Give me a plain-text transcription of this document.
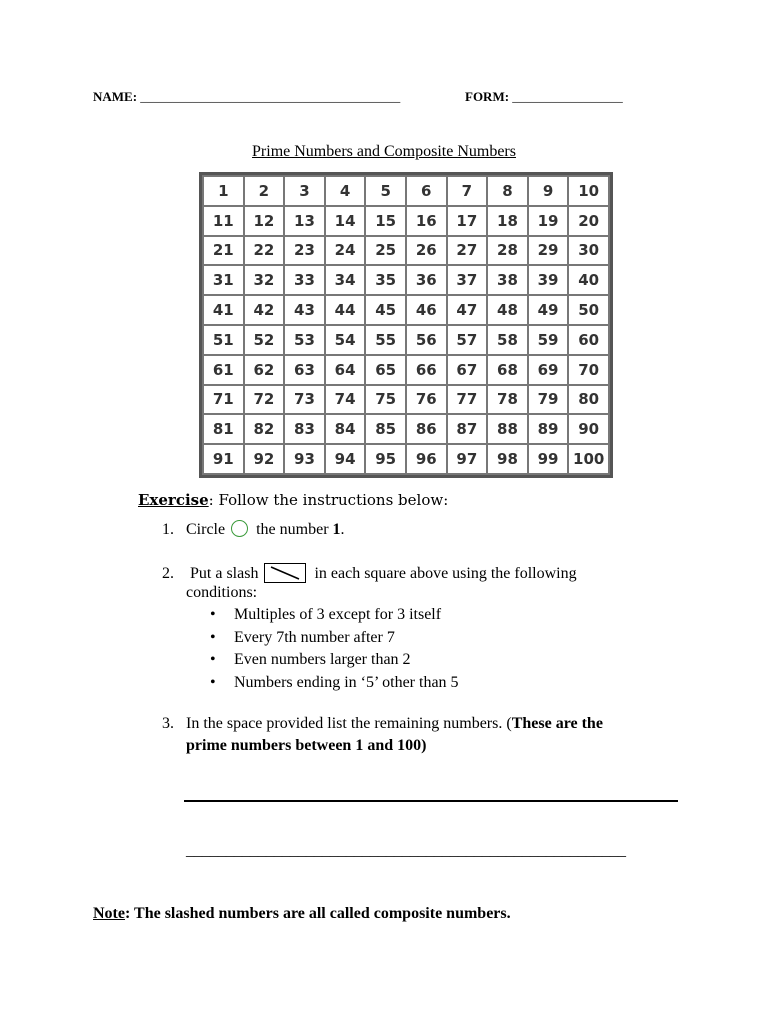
NAME: ________________________________________	FORM: _________________
Prime Numbers and Composite Numbers
1	2	3	4	5	6	7	8	9	10
11	12	13	14	15	16	17	18	19	20
21	22	23	24	25	26	27	28	29	30
31	32	33	34	35	36	37	38	39	40
41	42	43	44	45	46	47	48	49	50
51	52	53	54	55	56	57	58	59	60
61	62	63	64	65	66	67	68	69	70
71	72	73	74	75	76	77	78	79	80
81	82	83	84	85	86	87	88	89	90
91	92	93	94	95	96	97	98	99	100
Exercise: Follow the instructions below:
1. Circle the number 1.
2. Put a slash	in each square above using the following
conditions:
• Multiples of 3 except for 3 itself
• Every 7th number after 7
• Even numbers larger than 2
• Numbers ending in ‘5’ other than 5
3. In the space provided list the remaining numbers. (These are the
prime numbers between 1 and 100)
_______________________________________________________
Note: The slashed numbers are all called composite numbers.
